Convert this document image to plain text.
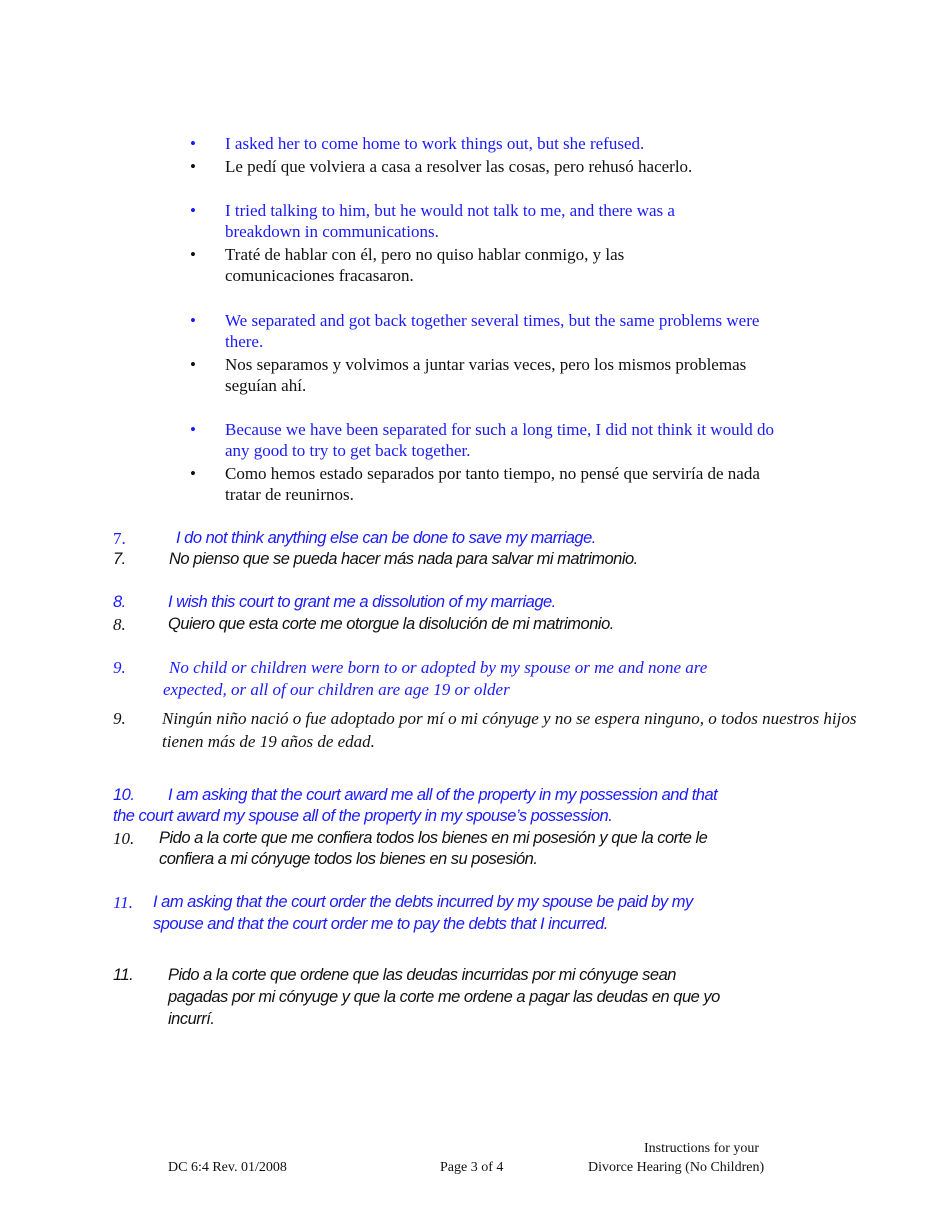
• I asked her to come home to work things out, but she refused.
• Le pedí que volviera a casa a resolver las cosas, pero rehusó hacerlo.
• I tried talking to him, but he would not talk to me, and there was a
breakdown in communications.
• Traté de hablar con él, pero no quiso hablar conmigo, y las
comunicaciones fracasaron.
• We separated and got back together several times, but the same problems were
there.
• Nos separamos y volvimos a juntar varias veces, pero los mismos problemas
seguían ahí.
• Because we have been separated for such a long time, I did not think it would do
any good to try to get back together.
• Como hemos estado separados por tanto tiempo, no pensé que serviría de nada
tratar de reunirnos.
7.	I do not think anything else can be done to save my marriage.
7.	No pienso que se pueda hacer más nada para salvar mi matrimonio.
8.	I wish this court to grant me a dissolution of my marriage.
8.	Quiero que esta corte me otorgue la disolución de mi matrimonio.
9.	No child or children were born to or adopted by my spouse or me and none are
expected, or all of our children are age 19 or older
9. Ningún niño nació o fue adoptado por mí o mi cónyuge y no se espera ninguno, o todos nuestros hijos
tienen más de 19 años de edad.
10. I am asking that the court award me all of the property in my possession and that
the court award my spouse all of the property in my spouse’s possession.
10. Pido a la corte que me confiera todos los bienes en mi posesión y que la corte le
confiera a mi cónyuge todos los bienes en su posesión.
11. I am asking that the court order the debts incurred by my spouse be paid by my
spouse and that the court order me to pay the debts that I incurred.
11. Pido a la corte que ordene que las deudas incurridas por mi cónyuge sean
pagadas por mi cónyuge y que la corte me ordene a pagar las deudas en que yo
incurrí.
DC 6:4 Rev. 01/2008	Page 3 of 4
Instructions for your
Divorce Hearing (No Children)
